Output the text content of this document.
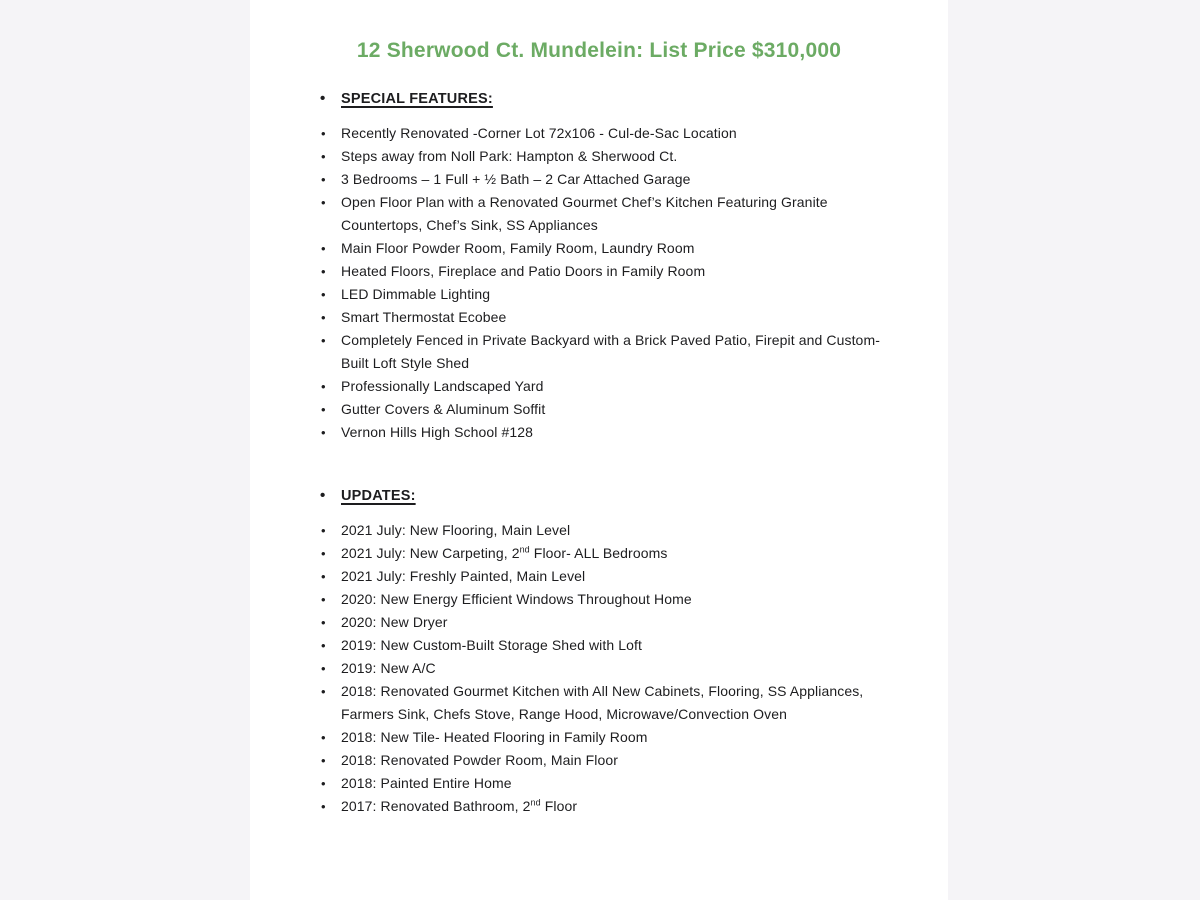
12 Sherwood Ct. Mundelein: List Price $310,000
• SPECIAL FEATURES:
• Recently Renovated -Corner Lot 72x106 - Cul-de-Sac Location
• Steps away from Noll Park: Hampton & Sherwood Ct.
• 3 Bedrooms – 1 Full + ½ Bath – 2 Car Attached Garage
• Open Floor Plan with a Renovated Gourmet Chef’s Kitchen Featuring Granite Countertops, Chef’s Sink, SS Appliances
• Main Floor Powder Room, Family Room, Laundry Room
• Heated Floors, Fireplace and Patio Doors in Family Room
• LED Dimmable Lighting
• Smart Thermostat Ecobee
• Completely Fenced in Private Backyard with a Brick Paved Patio, Firepit and Custom-Built Loft Style Shed
• Professionally Landscaped Yard
• Gutter Covers & Aluminum Soffit
• Vernon Hills High School #128
• UPDATES:
• 2021 July: New Flooring, Main Level
• 2021 July: New Carpeting, 2nd Floor- ALL Bedrooms
• 2021 July: Freshly Painted, Main Level
• 2020: New Energy Efficient Windows Throughout Home
• 2020: New Dryer
• 2019: New Custom-Built Storage Shed with Loft
• 2019: New A/C
• 2018: Renovated Gourmet Kitchen with All New Cabinets, Flooring, SS Appliances, Farmers Sink, Chefs Stove, Range Hood, Microwave/Convection Oven
• 2018: New Tile- Heated Flooring in Family Room
• 2018: Renovated Powder Room, Main Floor
• 2018: Painted Entire Home
• 2017: Renovated Bathroom, 2nd Floor
